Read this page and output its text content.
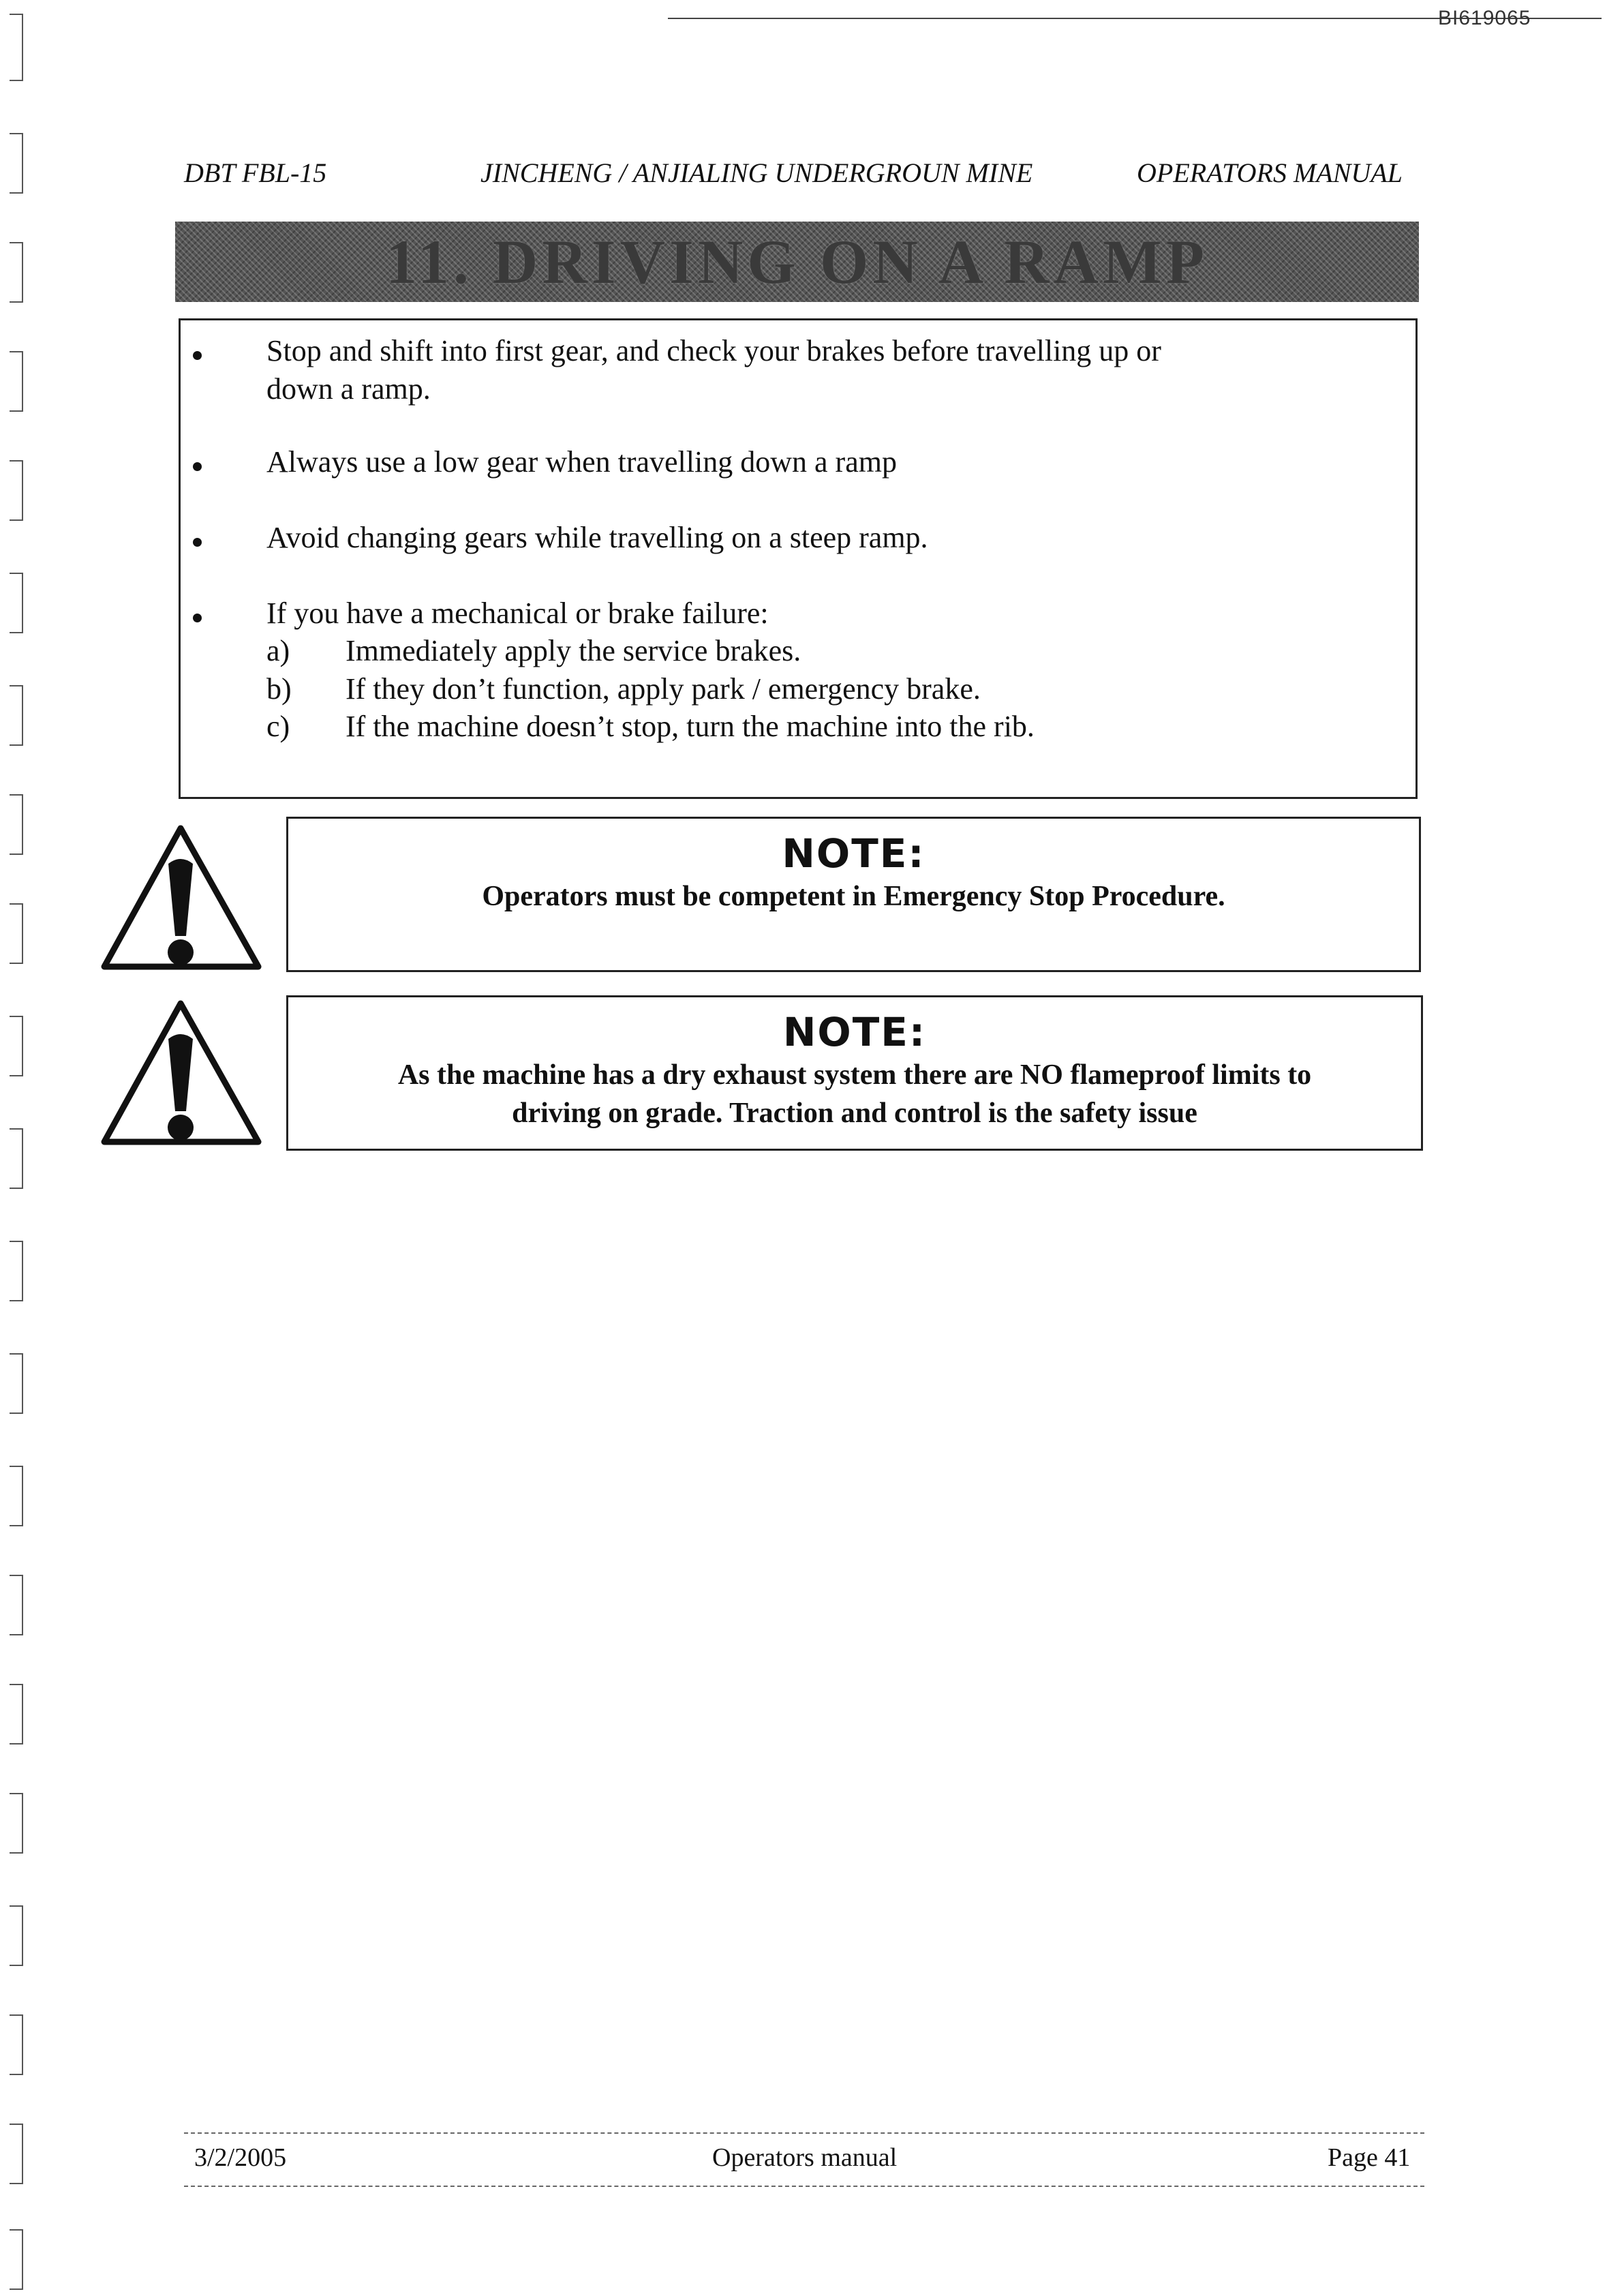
BI619065
DBT FBL-15	JINCHENG / ANJIALING UNDERGROUN MINE	OPERATORS MANUAL
11. DRIVING ON A RAMP
Stop and shift into first gear, and check your brakes before travelling up or
down a ramp.
Always use a low gear when travelling down a ramp
Avoid changing gears while travelling on a steep ramp.
If you have a mechanical or brake failure:
a) Immediately apply the service brakes.
b) If they don’t function, apply park / emergency brake.
c) If the machine doesn’t stop, turn the machine into the rib.
NOTE:
Operators must be competent in Emergency Stop Procedure.
NOTE:
As the machine has a dry exhaust system there are NO flameproof limits to
driving on grade. Traction and control is the safety issue
3/2/2005	Operators manual	Page 41
